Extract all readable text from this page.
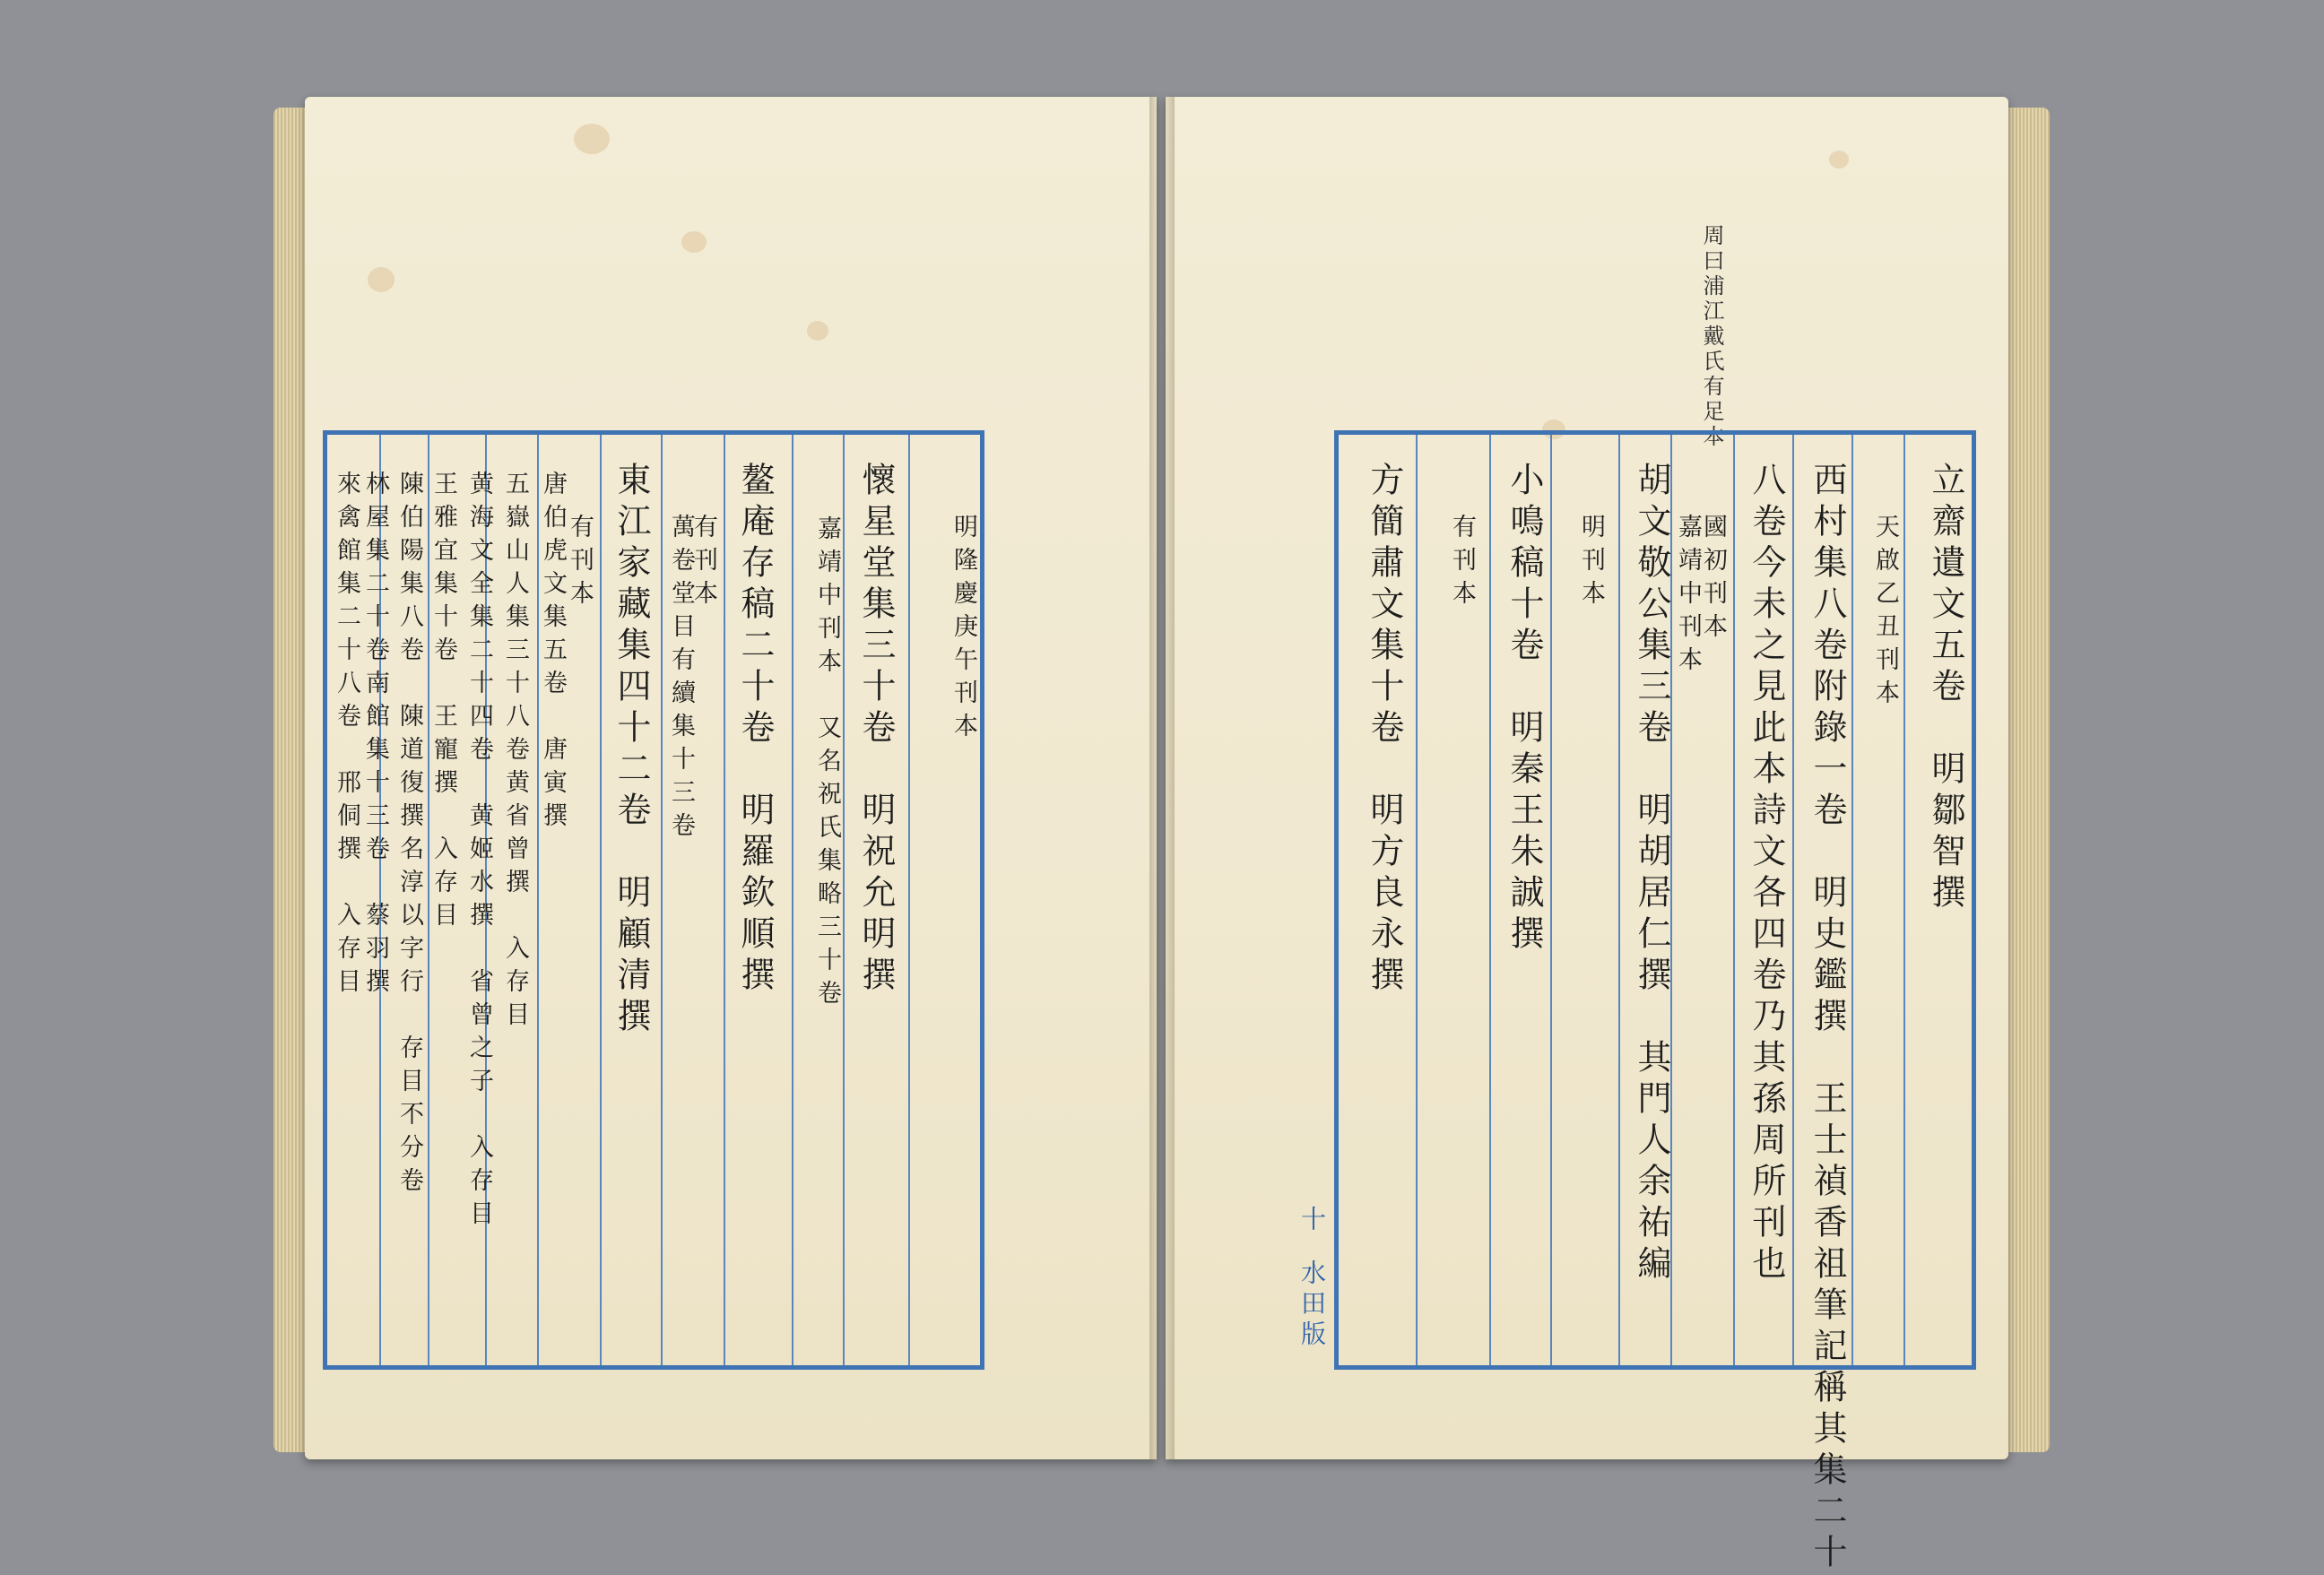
明隆慶庚午刊本
懷星堂集三十卷　明祝允明撰
嘉靖中刊本　又名祝氏集略三十卷
鳌庵存稿二十卷　明羅欽順撰
有刊本
萬卷堂目有續集十三卷
東江家藏集四十二卷　明顧清撰
有刊本
唐伯虎文集五卷　唐寅撰
五嶽山人集三十八卷黄省曾撰　入存目
黄海文全集二十四卷　黄姬水撰　省曾之子　入存目
王雅宜集十卷　王寵撰　入存目
陳伯陽集八卷　陳道復撰名淳以字行　存目不分卷
林屋集二十卷南館集十三卷　蔡羽撰
來禽館集二十八卷　邢侗撰　入存目
周曰浦江戴氏有足本
立齋遺文五卷　明鄒智撰
天啟乙丑刊本
西村集八卷附錄一卷　明史鑑撰　王士禎香祖筆記稱其集二十
八卷今未之見此本詩文各四卷乃其孫周所刊也
國初刊本
嘉靖中刊本
胡文敬公集三卷　明胡居仁撰　其門人余祐編
明刊本
小鳴稿十卷　明秦王朱誠撰
有刊本
方簡肅文集十卷　明方良永撰
十
水田版
